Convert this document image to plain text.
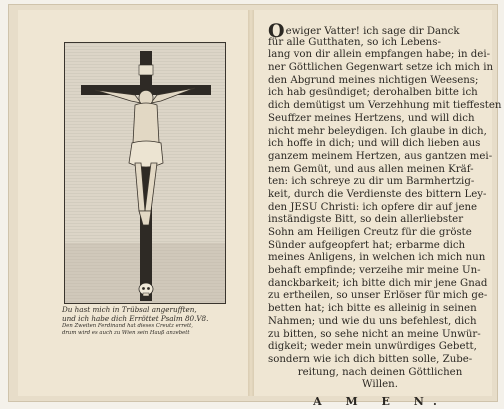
Du hast mich in Trübsal angerufften,
und ich habe dich Erröttet Psalm 80.V8.
Den Zweiten Ferdinand hat dieses Creutz errett,
drum wird es auch zu Wien sein Hauß anzebett
Oewiger Vatter! ich sage dir Danck
für alle Gutthaten, so ich Lebens-
lang von dir allein empfangen habe; in dei-
ner Göttlichen Gegenwart setze ich mich in
den Abgrund meines nichtigen Weesens;
ich hab gesündiget; derohalben bitte ich
dich demütigst um Verzehhung mit tieffesten
Seuffzer meines Hertzens, und will dich
nicht mehr beleydigen. Ich glaube in dich,
ich hoffe in dich; und will dich lieben aus
ganzem meinem Hertzen, aus gantzen mei-
nem Gemüt, und aus allen meinen Kräf-
ten: ich schreye zu dir um Barmhertzig-
keit, durch die Verdienste des bittern Ley-
den JESU Christi: ich opfere dir auf jene
inständigste Bitt, so dein allerliebster
Sohn am Heiligen Creutz für die gröste
Sünder aufgeopfert hat; erbarme dich
meines Anligens, in welchen ich mich nun
behaft empfinde; verzeihe mir meine Un-
danckbarkeit; ich bitte dich mir jene Gnad
zu ertheilen, so unser Erlöser für mich ge-
betten hat; ich bitte es alleinig in seinen
Nahmen; und wie du uns befehlest, dich
zu bitten, so sehe nicht an meine Unwür-
digkeit; weder mein unwürdiges Gebett,
sondern wie ich dich bitten solle, Zube-
reitung, nach deinen Göttlichen
Willen.
A M E N.
